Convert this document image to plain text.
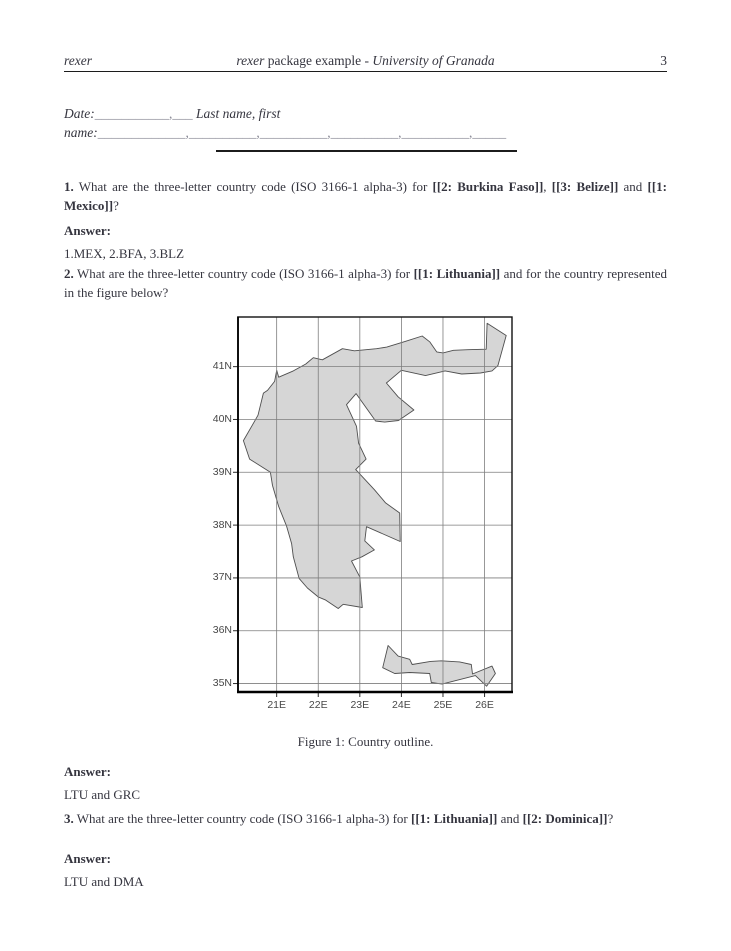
rexer	rexer package example - University of Granada	3
Date:___________,___ Last name, first name:_____________,__________,__________,__________,__________,_____
1. What are the three-letter country code (ISO 3166-1 alpha-3) for [[2: Burkina Faso]], [[3: Belize]] and [[1: Mexico]]?
Answer:
1.MEX, 2.BFA, 3.BLZ
2. What are the three-letter country code (ISO 3166-1 alpha-3) for [[1: Lithuania]] and for the country represented in the figure below?
35N
36N
37N
38N
39N
40N
41N
21E	22E	23E	24E	25E	26E
Figure 1: Country outline.
Answer:
LTU and GRC
3. What are the three-letter country code (ISO 3166-1 alpha-3) for [[1: Lithuania]] and [[2: Dominica]]?
Answer:
LTU and DMA
